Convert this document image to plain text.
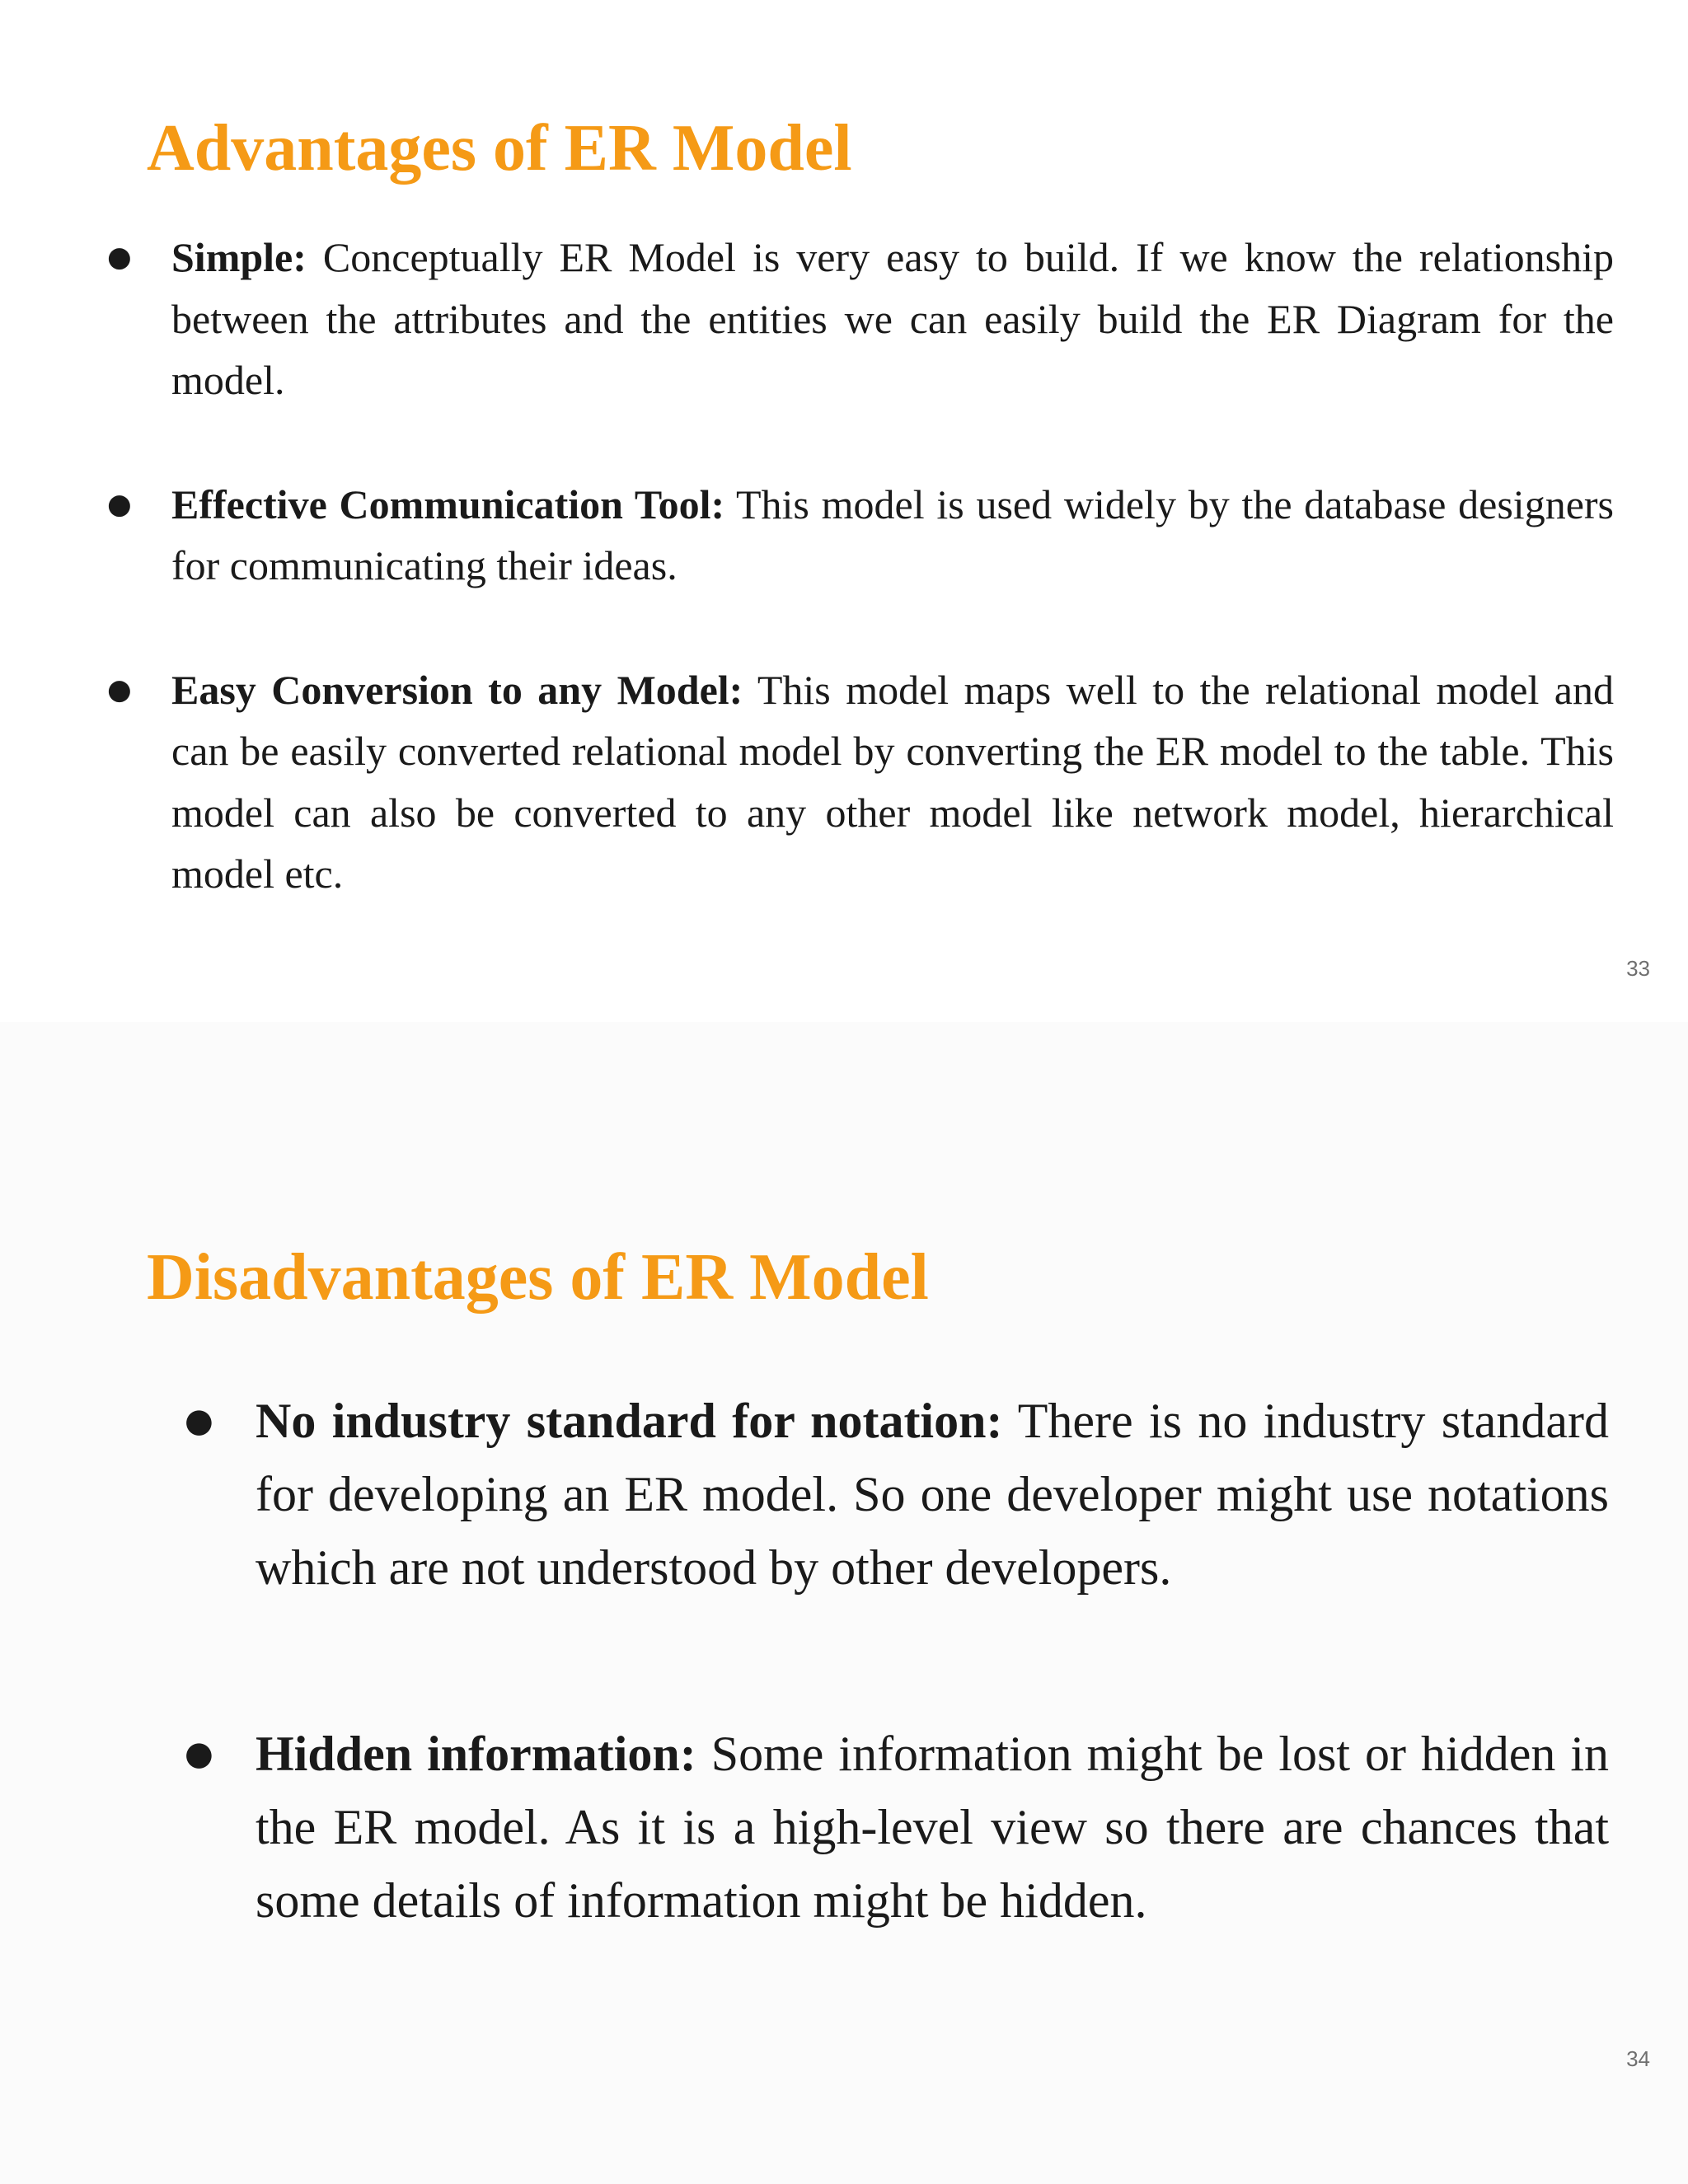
Advantages of ER Model
● Simple: Conceptually ER Model is very easy to build. If we know the relationship between the attributes and the entities we can easily build the ER Diagram for the model.
● Effective Communication Tool: This model is used widely by the database designers for communicating their ideas.
● Easy Conversion to any Model: This model maps well to the relational model and can be easily converted relational model by converting the ER model to the table. This model can also be converted to any other model like network model, hierarchical model etc.
33
Disadvantages of ER Model
● No industry standard for notation: There is no industry standard for developing an ER model. So one developer might use notations which are not understood by other developers.
● Hidden information: Some information might be lost or hidden in the ER model. As it is a high-level view so there are chances that some details of information might be hidden.
34
